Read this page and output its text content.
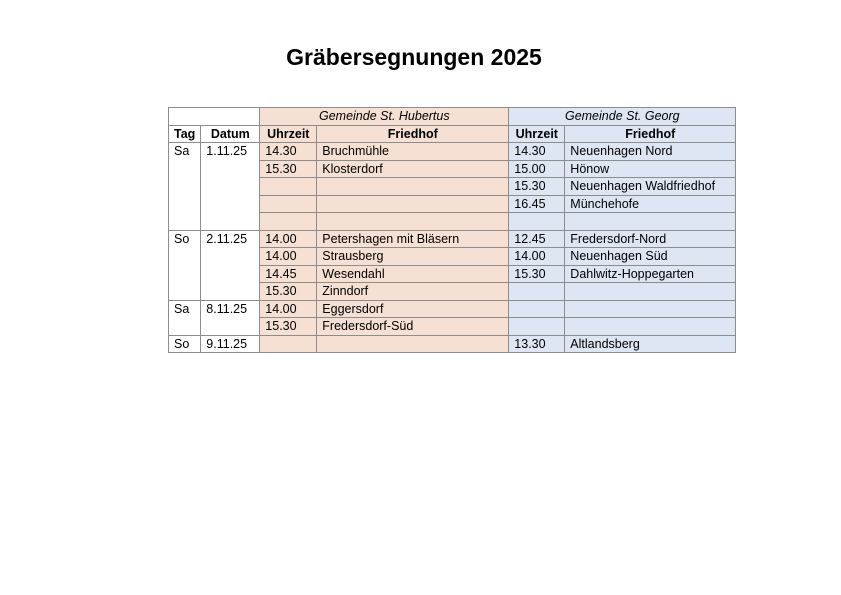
Gräbersegnungen 2025
		Gemeinde St. Hubertus		Gemeinde St. Georg	
Tag	Datum	Uhrzeit	Friedhof	Uhrzeit	Friedhof
Sa	1.11.25	14.30	Bruchmühle	14.30	Neuenhagen Nord
		15.30	Klosterdorf	15.00	Hönow
				15.30	Neuenhagen Waldfriedhof
				16.45	Münchehofe

So	2.11.25	14.00	Petershagen mit Bläsern	12.45	Fredersdorf-Nord
		14.00	Strausberg	14.00	Neuenhagen Süd
		14.45	Wesendahl	15.30	Dahlwitz-Hoppegarten
		15.30	Zinndorf		
Sa	8.11.25	14.00	Eggersdorf		
		15.30	Fredersdorf-Süd		
So	9.11.25			13.30	Altlandsberg
